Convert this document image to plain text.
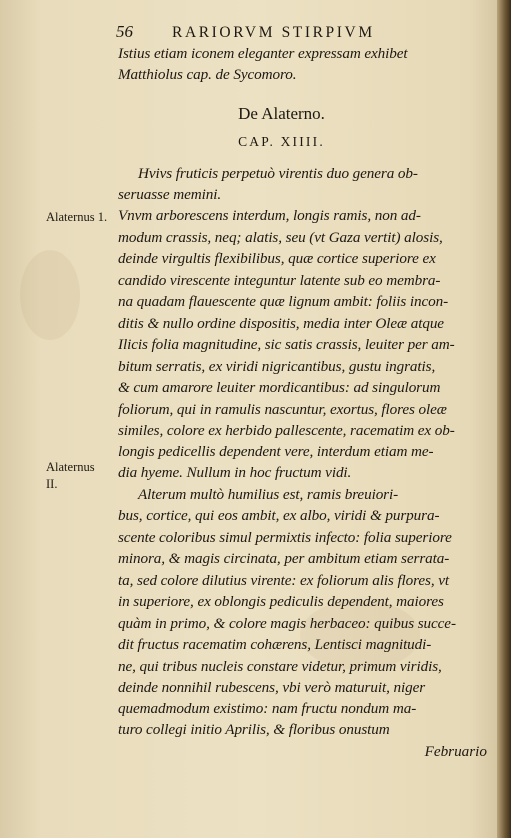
56	RARIORVM STIRPIVM
Istius etiam iconem eleganter expressam exhibet
Matthiolus cap. de Sycomoro.
De Alaterno.
CAP. XIIII.
Alaternus 1.
Alaternus
II.
Hvivs fruticis perpetuò virentis duo genera ob-
seruasse memini.
Vnvm arborescens interdum, longis ramis, non ad-
modum crassis, neq; alatis, seu (vt Gaza vertit) alosis,
deinde virgultis flexibilibus, quæ cortice superiore ex
candido virescente integuntur latente sub eo membra-
na quadam flauescente quæ lignum ambit: foliis incon-
ditis & nullo ordine dispositis, media inter Oleæ atque
Ilicis folia magnitudine, sic satis crassis, leuiter per am-
bitum serratis, ex viridi nigricantibus, gustu ingratis,
& cum amarore leuiter mordicantibus: ad singulorum
foliorum, qui in ramulis nascuntur, exortus, flores oleæ
similes, colore ex herbido pallescente, racematim ex ob-
longis pedicellis dependent vere, interdum etiam me-
dia hyeme. Nullum in hoc fructum vidi.
Alterum multò humilius est, ramis breuiori-
bus, cortice, qui eos ambit, ex albo, viridi & purpura-
scente coloribus simul permixtis infecto: folia superiore
minora, & magis circinata, per ambitum etiam serrata-
ta, sed colore dilutius virente: ex foliorum alis flores, vt
in superiore, ex oblongis pediculis dependent, maiores
quàm in primo, & colore magis herbaceo: quibus succe-
dit fructus racematim cohærens, Lentisci magnitudi-
ne, qui tribus nucleis constare videtur, primum viridis,
deinde nonnihil rubescens, vbi verò maturuit, niger
quemadmodum existimo: nam fructu nondum ma-
turo collegi initio Aprilis, & floribus onustum
Februario
